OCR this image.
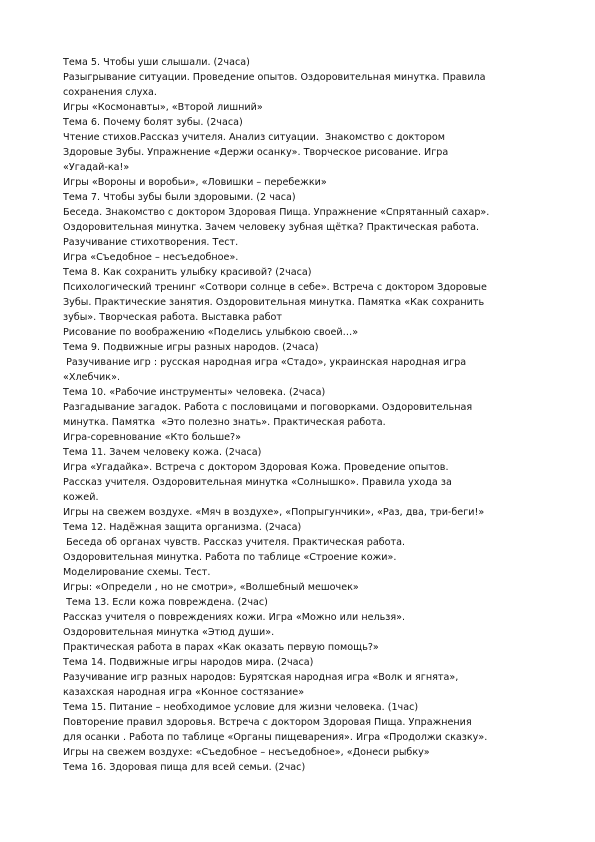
Тема 5. Чтобы уши слышали. (2часа)
Разыгрывание ситуации. Проведение опытов. Оздоровительная минутка. Правила
сохранения слуха.
Игры «Космонавты», «Второй лишний»
Тема 6. Почему болят зубы. (2часа)
Чтение стихов.Рассказ учителя. Анализ ситуации.  Знакомство с доктором
Здоровые Зубы. Упражнение «Держи осанку». Творческое рисование. Игра
«Угадай-ка!»
Игры «Вороны и воробьи», «Ловишки – перебежки»
Тема 7. Чтобы зубы были здоровыми. (2 часа)
Беседа. Знакомство с доктором Здоровая Пища. Упражнение «Спрятанный сахар».
Оздоровительная минутка. Зачем человеку зубная щётка? Практическая работа.
Разучивание стихотворения. Тест.
Игра «Съедобное – несъедобное».
Тема 8. Как сохранить улыбку красивой? (2часа)
Психологический тренинг «Сотвори солнце в себе». Встреча с доктором Здоровые
Зубы. Практические занятия. Оздоровительная минутка. Памятка «Как сохранить
зубы». Творческая работа. Выставка работ
Рисование по воображению «Поделись улыбкою своей…»
Тема 9. Подвижные игры разных народов. (2часа)
Разучивание игр : русская народная игра «Стадо», украинская народная игра
«Хлебчик».
Тема 10. «Рабочие инструменты» человека. (2часа)
Разгадывание загадок. Работа с пословицами и поговорками. Оздоровительная
минутка. Памятка  «Это полезно знать». Практическая работа.
Игра-соревнование «Кто больше?»
Тема 11. Зачем человеку кожа. (2часа)
Игра «Угадайка». Встреча с доктором Здоровая Кожа. Проведение опытов.
Рассказ учителя. Оздоровительная минутка «Солнышко». Правила ухода за
кожей.
Игры на свежем воздухе. «Мяч в воздухе», «Попрыгунчики», «Раз, два, три-беги!»
Тема 12. Надёжная защита организма. (2часа)
Беседа об органах чувств. Рассказ учителя. Практическая работа.
Оздоровительная минутка. Работа по таблице «Строение кожи».
Моделирование схемы. Тест.
Игры: «Определи , но не смотри», «Волшебный мешочек»
Тема 13. Если кожа повреждена. (2час)
Рассказ учителя о повреждениях кожи. Игра «Можно или нельзя».
Оздоровительная минутка «Этюд души».
Практическая работа в парах «Как оказать первую помощь?»
Тема 14. Подвижные игры народов мира. (2часа)
Разучивание игр разных народов: Бурятская народная игра «Волк и ягнята»,
казахская народная игра «Конное состязание»
Тема 15. Питание – необходимое условие для жизни человека. (1час)
Повторение правил здоровья. Встреча с доктором Здоровая Пища. Упражнения
для осанки . Работа по таблице «Органы пищеварения». Игра «Продолжи сказку».
Игры на свежем воздухе: «Съедобное – несъедобное», «Донеси рыбку»
Тема 16. Здоровая пища для всей семьи. (2час)
